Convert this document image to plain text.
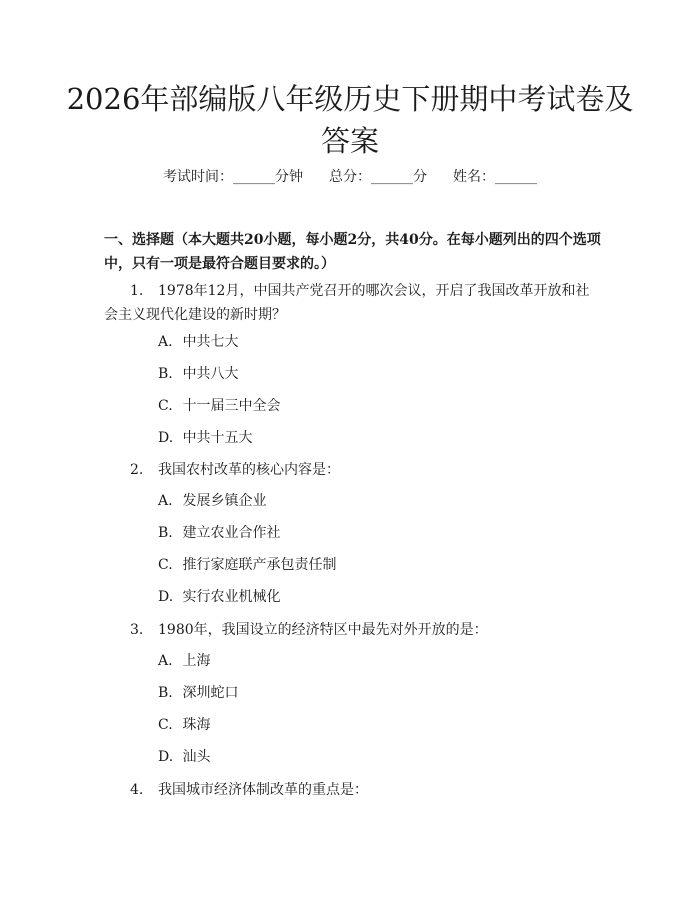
2026年部编版八年级历史下册期中考试卷及答案
考试时间：______分钟 总分：______分 姓名：______
一、选择题（本大题共20小题，每小题2分，共40分。在每小题列出的四个选项中，只有一项是最符合题目要求的。）
1. 1978年12月，中国共产党召开的哪次会议，开启了我国改革开放和社会主义现代化建设的新时期？
A. 中共七大
B. 中共八大
C. 十一届三中全会
D. 中共十五大
2. 我国农村改革的核心内容是：
A. 发展乡镇企业
B. 建立农业合作社
C. 推行家庭联产承包责任制
D. 实行农业机械化
3. 1980年，我国设立的经济特区中最先对外开放的是：
A. 上海
B. 深圳蛇口
C. 珠海
D. 汕头
4. 我国城市经济体制改革的重点是：
